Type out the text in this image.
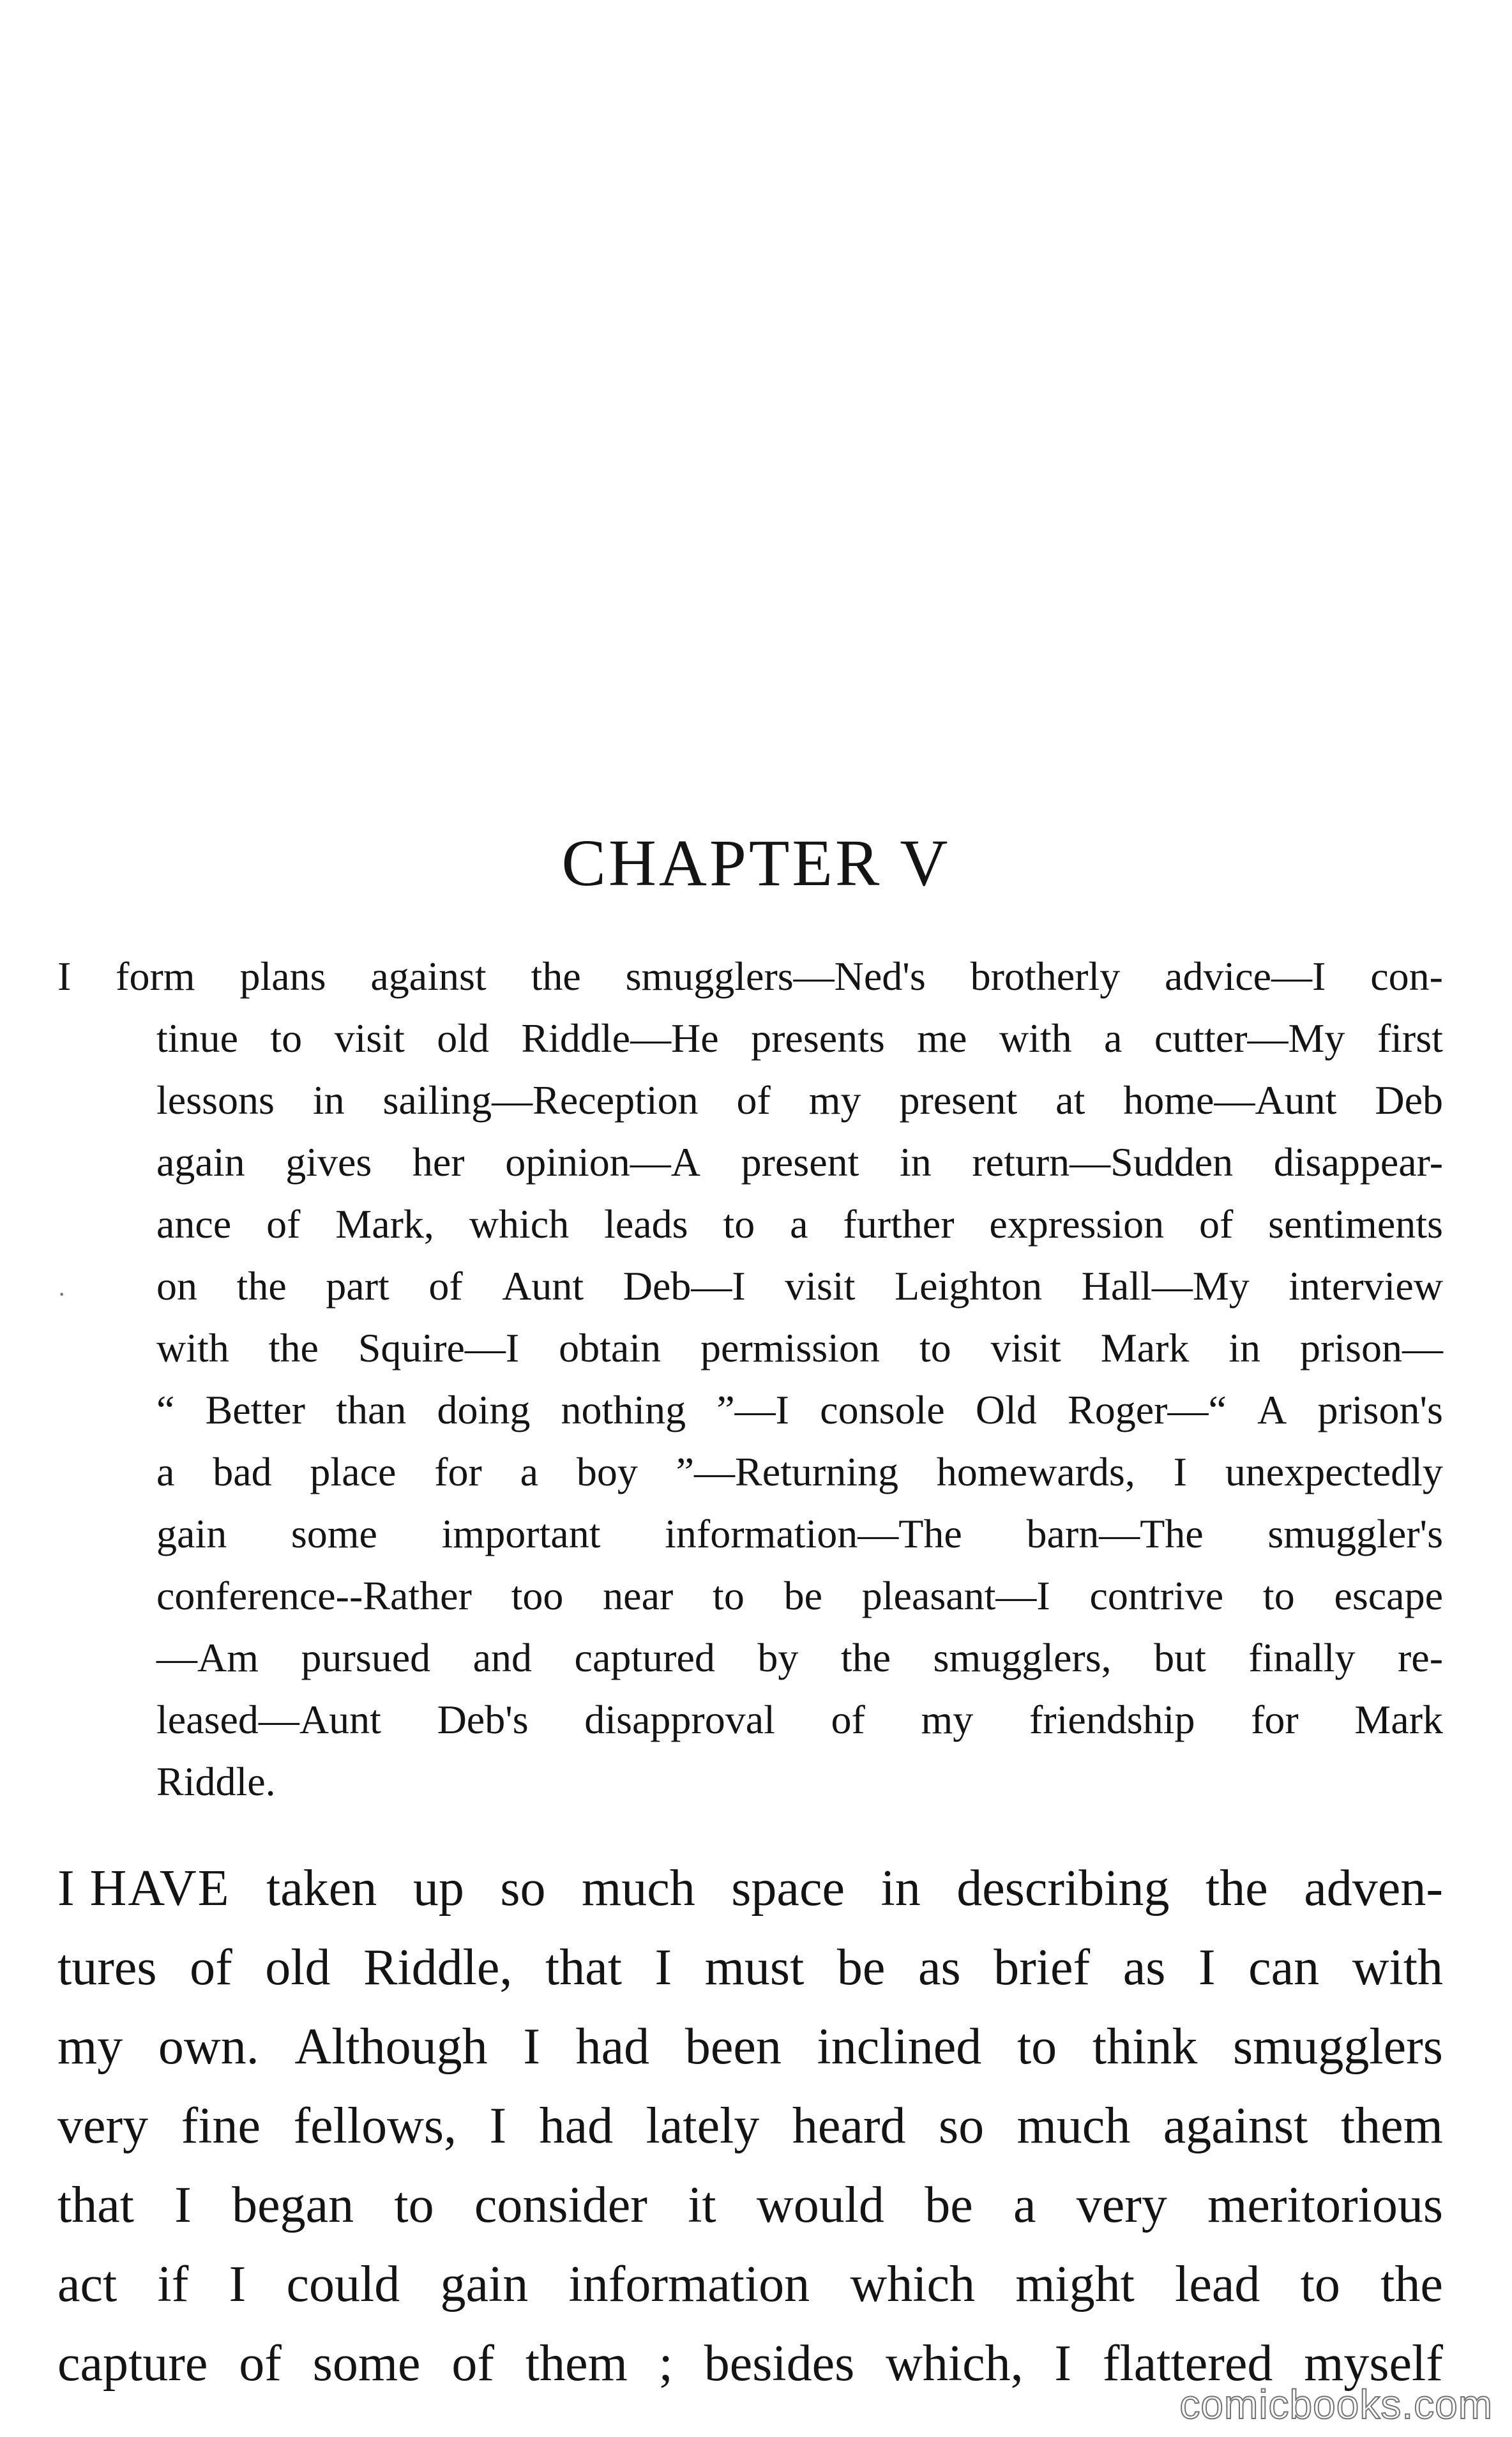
CHAPTER V
·
I form plans against the smugglers—Ned's brotherly advice—I con-
tinue to visit old Riddle—He presents me with a cutter—My first
lessons in sailing—Reception of my present at home—Aunt Deb
again gives her opinion—A present in return—Sudden disappear-
ance of Mark, which leads to a further expression of sentiments
on the part of Aunt Deb—I visit Leighton Hall—My interview
with the Squire—I obtain permission to visit Mark in prison—
“ Better than doing nothing ”—I console Old Roger—“ A prison's
a bad place for a boy ”—Returning homewards, I unexpectedly
gain some important information—The barn—The smuggler's
conference--Rather too near to be pleasant—I contrive to escape
—Am pursued and captured by the smugglers, but finally re-
leased—Aunt Deb's disapproval of my friendship for Mark
Riddle.
I HAVE taken up so much space in describing the adven-
tures of old Riddle, that I must be as brief as I can with
my own. Although I had been inclined to think smugglers
very fine fellows, I had lately heard so much against them
that I began to consider it would be a very meritorious
act if I could gain information which might lead to the
capture of some of them ; besides which, I flattered myself
comicbooks.com
